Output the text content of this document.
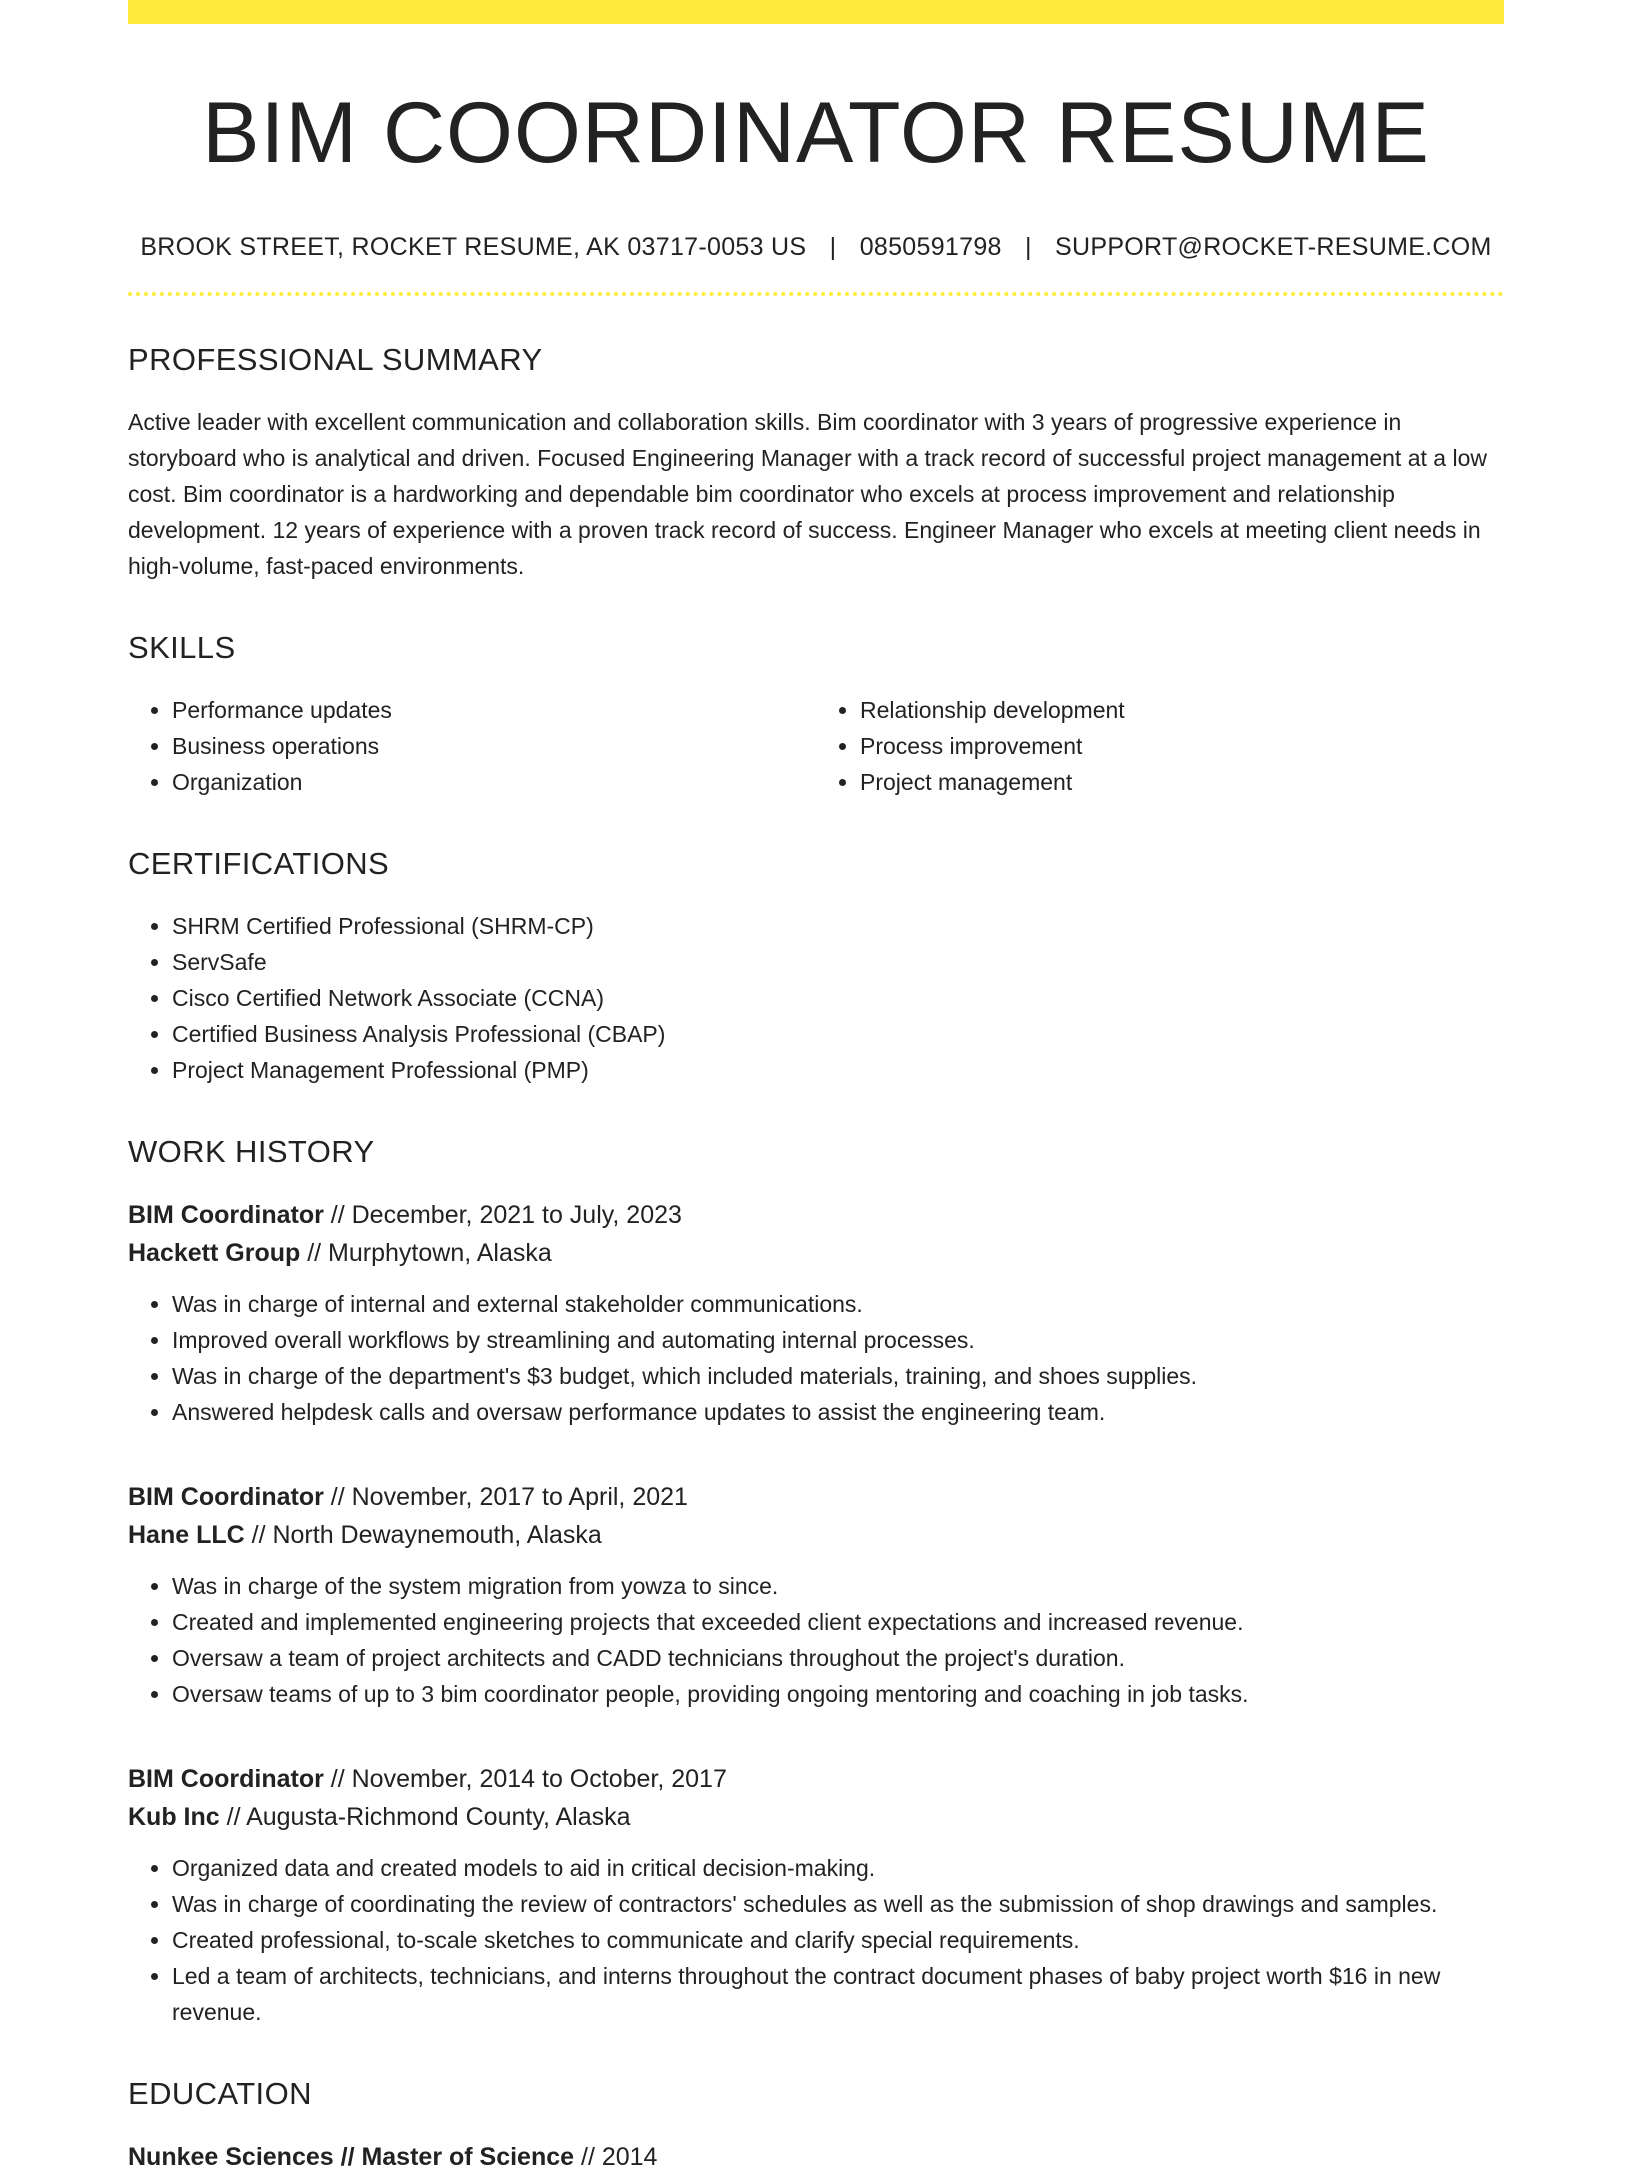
BIM COORDINATOR RESUME
BROOK STREET, ROCKET RESUME, AK 03717-0053 US | 0850591798 | SUPPORT@ROCKET-RESUME.COM
PROFESSIONAL SUMMARY
Active leader with excellent communication and collaboration skills. Bim coordinator with 3 years of progressive experience in storyboard who is analytical and driven. Focused Engineering Manager with a track record of successful project management at a low cost. Bim coordinator is a hardworking and dependable bim coordinator who excels at process improvement and relationship development. 12 years of experience with a proven track record of success. Engineer Manager who excels at meeting client needs in high-volume, fast-paced environments.
SKILLS
• Performance updates
• Business operations
• Organization
• Relationship development
• Process improvement
• Project management
CERTIFICATIONS
• SHRM Certified Professional (SHRM-CP)
• ServSafe
• Cisco Certified Network Associate (CCNA)
• Certified Business Analysis Professional (CBAP)
• Project Management Professional (PMP)
WORK HISTORY
BIM Coordinator // December, 2021 to July, 2023
Hackett Group // Murphytown, Alaska
• Was in charge of internal and external stakeholder communications.
• Improved overall workflows by streamlining and automating internal processes.
• Was in charge of the department's $3 budget, which included materials, training, and shoes supplies.
• Answered helpdesk calls and oversaw performance updates to assist the engineering team.
BIM Coordinator // November, 2017 to April, 2021
Hane LLC // North Dewaynemouth, Alaska
• Was in charge of the system migration from yowza to since.
• Created and implemented engineering projects that exceeded client expectations and increased revenue.
• Oversaw a team of project architects and CADD technicians throughout the project's duration.
• Oversaw teams of up to 3 bim coordinator people, providing ongoing mentoring and coaching in job tasks.
BIM Coordinator // November, 2014 to October, 2017
Kub Inc // Augusta-Richmond County, Alaska
• Organized data and created models to aid in critical decision-making.
• Was in charge of coordinating the review of contractors' schedules as well as the submission of shop drawings and samples.
• Created professional, to-scale sketches to communicate and clarify special requirements.
• Led a team of architects, technicians, and interns throughout the contract document phases of baby project worth $16 in new revenue.
EDUCATION
Nunkee Sciences // Master of Science // 2014
